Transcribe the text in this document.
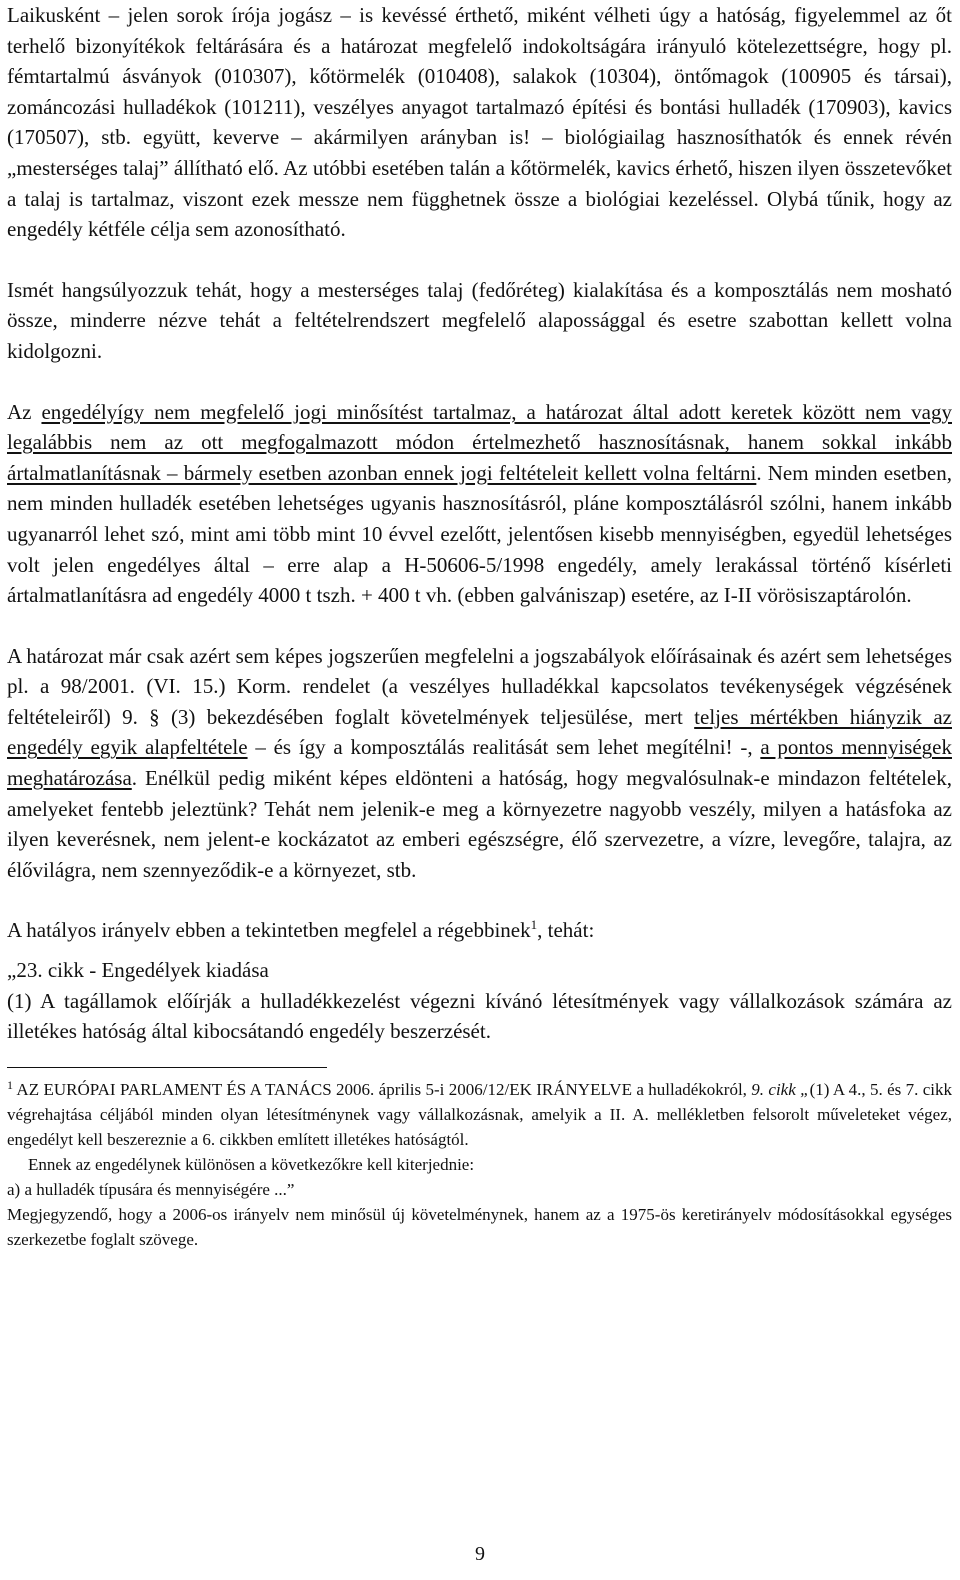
Laikusként – jelen sorok írója jogász – is kevéssé érthető, miként vélheti úgy a hatóság, figyelemmel az őt terhelő bizonyítékok feltárására és a határozat megfelelő indokoltságára irányuló kötelezettségre, hogy pl. fémtartalmú ásványok (010307), kőtörmelék (010408), salakok (10304), öntőmagok (100905 és társai), zománcozási hulladékok (101211), veszélyes anyagot tartalmazó építési és bontási hulladék (170903), kavics (170507), stb. együtt, keverve – akármilyen arányban is! – biológiailag hasznosíthatók és ennek révén „mesterséges talaj” állítható elő. Az utóbbi esetében talán a kőtörmelék, kavics érhető, hiszen ilyen összetevőket a talaj is tartalmaz, viszont ezek messze nem függhetnek össze a biológiai kezeléssel. Olybá tűnik, hogy az engedély kétféle célja sem azonosítható.

Ismét hangsúlyozzuk tehát, hogy a mesterséges talaj (fedőréteg) kialakítása és a komposztálás nem mosható össze, minderre nézve tehát a feltételrendszert megfelelő alapossággal és esetre szabottan kellett volna kidolgozni.

Az engedélyígy nem megfelelő jogi minősítést tartalmaz, a határozat által adott keretek között nem vagy legalábbis nem az ott megfogalmazott módon értelmezhető hasznosításnak, hanem sokkal inkább ártalmatlanításnak – bármely esetben azonban ennek jogi feltételeit kellett volna feltárni. Nem minden esetben, nem minden hulladék esetében lehetséges ugyanis hasznosításról, pláne komposztálásról szólni, hanem inkább ugyanarról lehet szó, mint ami több mint 10 évvel ezelőtt, jelentősen kisebb mennyiségben, egyedül lehetséges volt jelen engedélyes által – erre alap a H-50606-5/1998 engedély, amely lerakással történő kísérleti ártalmatlanításra ad engedély 4000 t tszh. + 400 t vh. (ebben galvániszap) esetére, az I-II vörösiszaptárolón.

A határozat már csak azért sem képes jogszerűen megfelelni a jogszabályok előírásainak és azért sem lehetséges pl. a 98/2001. (VI. 15.) Korm. rendelet (a veszélyes hulladékkal kapcsolatos tevékenységek végzésének feltételeiről) 9. § (3) bekezdésében foglalt követelmények teljesülése, mert teljes mértékben hiányzik az engedély egyik alapfeltétele – és így a komposztálás realitását sem lehet megítélni! -, a pontos mennyiségek meghatározása. Enélkül pedig miként képes eldönteni a hatóság, hogy megvalósulnak-e mindazon feltételek, amelyeket fentebb jeleztünk? Tehát nem jelenik-e meg a környezetre nagyobb veszély, milyen a hatásfoka az ilyen keverésnek, nem jelent-e kockázatot az emberi egészségre, élő szervezetre, a vízre, levegőre, talajra, az élővilágra, nem szennyeződik-e a környezet, stb.

A hatályos irányelv ebben a tekintetben megfelel a régebbinek$^1$, tehát:

„23. cikk - Engedélyek kiadása

(1) A tagállamok előírják a hulladékkezelést végezni kívánó létesítmények vagy vállalkozások számára az illetékes hatóság által kibocsátandó engedély beszerzését.

$^1$ AZ EURÓPAI PARLAMENT ÉS A TANÁCS 2006. április 5-i 2006/12/EK IRÁNYELVE a hulladékokról, 9. cikk „(1) A 4., 5. és 7. cikk végrehajtása céljából minden olyan létesítménynek vagy vállalkozásnak, amelyik a II. A. mellékletben felsorolt műveleteket végez, engedélyt kell beszereznie a 6. cikkben említett illetékes hatóságtól.

Ennek az engedélynek különösen a következőkre kell kiterjednie:

a) a hulladék típusára és mennyiségére ...”

Megjegyzendő, hogy a 2006-os irányelv nem minősül új követelménynek, hanem az a 1975-ös keretirányelv módosításokkal egységes szerkezetbe foglalt szövege.

9
